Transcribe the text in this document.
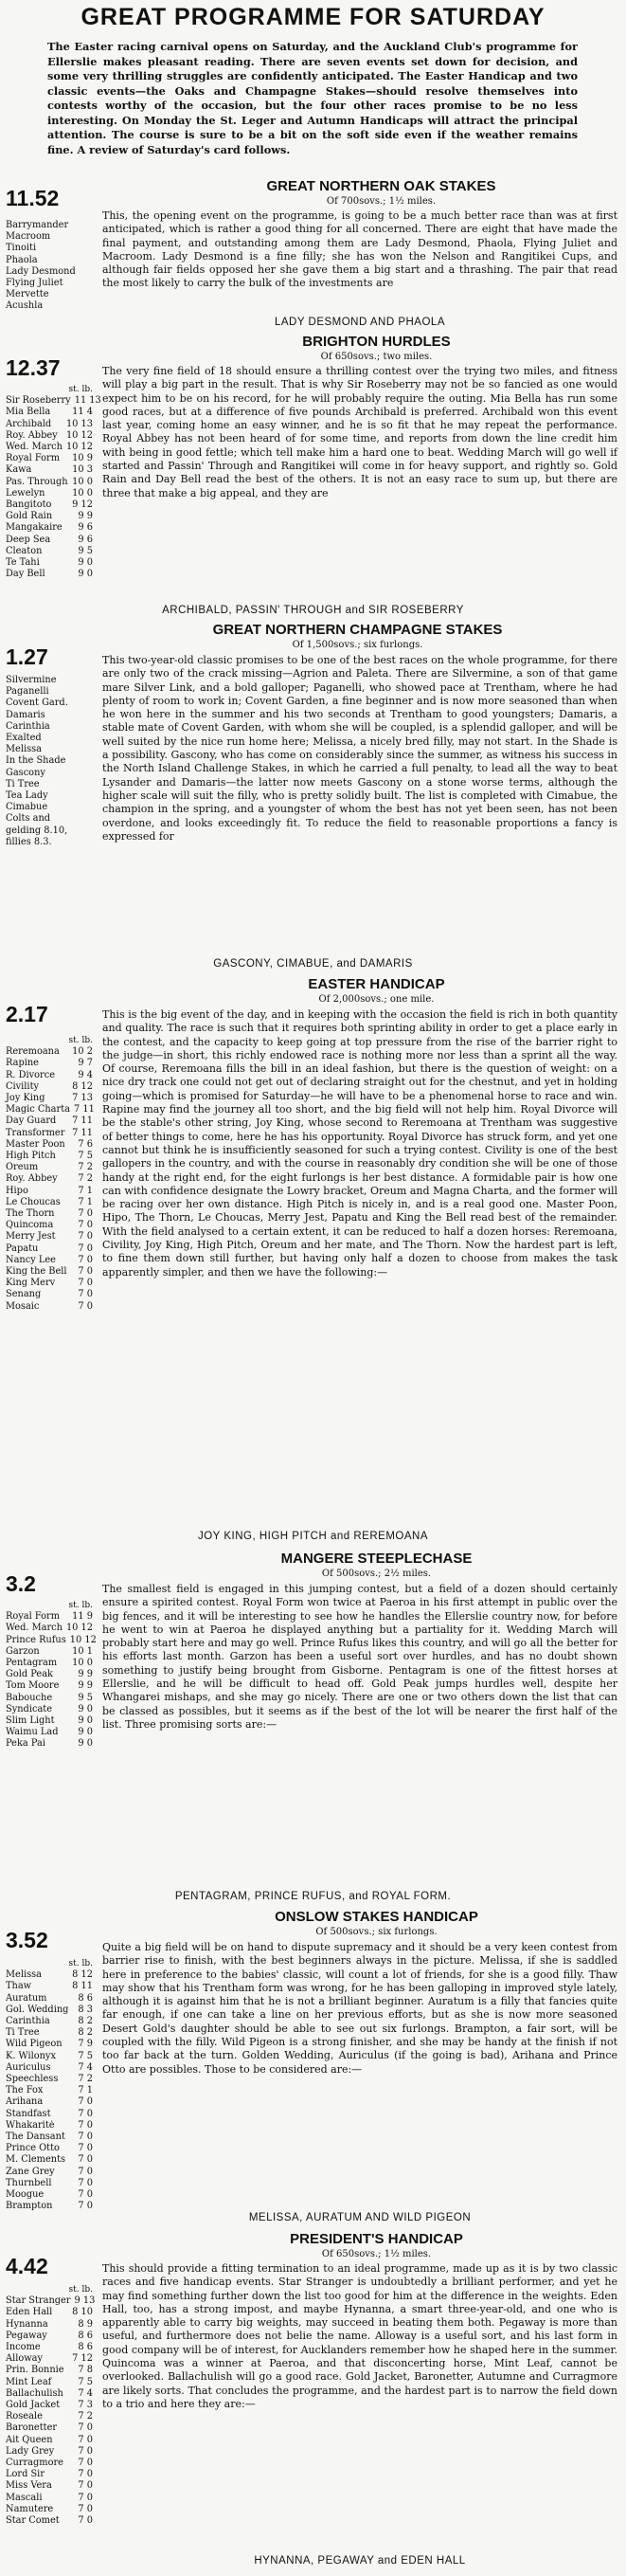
GREAT PROGRAMME FOR SATURDAY
The Easter racing carnival opens on Saturday, and the Auckland Club's programme for Ellerslie makes pleasant reading. There are seven events set down for decision, and some very thrilling struggles are confidently anticipated. The Easter Handicap and two classic events—the Oaks and Champagne Stakes—should resolve themselves into contests worthy of the occasion, but the four other races promise to be no less interesting. On Monday the St. Leger and Autumn Handicaps will attract the principal attention. The course is sure to be a bit on the soft side even if the weather remains fine. A review of Saturday's card follows.
11.52	GREAT NORTHERN OAK STAKES
Of 700sovs.; 1½ miles.
Barrymander
Macroom
Tinoiti
Phaola
Lady Desmond
Flying Juliet
Mervette
Acushla
This, the opening event on the programme, is going to be a much better race than was at first anticipated, which is rather a good thing for all concerned. There are eight that have made the final payment, and outstanding among them are Lady Desmond, Phaola, Flying Juliet and Macroom. Lady Desmond is a fine filly; she has won the Nelson and Rangitikei Cups, and although fair fields opposed her she gave them a big start and a thrashing. The pair that read the most likely to carry the bulk of the investments are
LADY DESMOND AND PHAOLA
12.37
BRIGHTON HURDLES
Of 650sovs.; two miles.
st. lb.
Sir Roseberry 11 13
Mia Bella 11 4
Archibald 10 13
Roy. Abbey 10 12
Wed. March 10 12
Royal Form 10 9
Kawa	10 3
Pas. Through 10 0
Lewelyn	10 0
Bangitoto 9 12
Gold Rain	9 9
Mangakaire 9 6
Deep Sea	9 6
Cleaton	9 5
Te Tahi	9 0
Day Bell	9 0
The very fine field of 18 should ensure a thrilling contest over the trying two miles, and fitness will play a big part in the result. That is why Sir Roseberry may not be so fancied as one would expect him to be on his record, for he will probably require the outing. Mia Bella has run some good races, but at a difference of five pounds Archibald is preferred. Archibald won this event last year, coming home an easy winner, and he is so fit that he may repeat the performance. Royal Abbey has not been heard of for some time, and reports from down the line credit him with being in good fettle; which tell make him a hard one to beat. Wedding March will go well if started and Passin' Through and Rangitikei will come in for heavy support, and rightly so. Gold Rain and Day Bell read the best of the others. It is not an easy race to sum up, but there are three that make a big appeal, and they are
ARCHIBALD, PASSIN' THROUGH and SIR ROSEBERRY
1.27
GREAT NORTHERN CHAMPAGNE STAKES
Of 1,500sovs.; six furlongs.
Silvermine
Paganelli
Covent Gard.
Damaris
Carinthia
Exalted
Melissa
In the Shade
Gascony
Ti Tree
Tea Lady
Cimabue
Colts and
gelding 8.10,
fillies 8.3.
This two-year-old classic promises to be one of the best races on the whole programme, for there are only two of the crack missing—Agrion and Paleta. There are Silvermine, a son of that game mare Silver Link, and a bold galloper; Paganelli, who showed pace at Trentham, where he had plenty of room to work in; Covent Garden, a fine beginner and is now more seasoned than when he won here in the summer and his two seconds at Trentham to good youngsters; Damaris, a stable mate of Covent Garden, with whom she will be coupled, is a splendid galloper, and will be well suited by the nice run home here; Melissa, a nicely bred filly, may not start. In the Shade is a possibility. Gascony, who has come on considerably since the summer, as witness his success in the North Island Challenge Stakes, in which he carried a full penalty, to lead all the way to beat Lysander and Damaris—the latter now meets Gascony on a stone worse terms, although the higher scale will suit the filly, who is pretty solidly built. The list is completed with Cimabue, the champion in the spring, and a youngster of whom the best has not yet been seen, has not been overdone, and looks exceedingly fit. To reduce the field to reasonable proportions a fancy is expressed for
GASCONY, CIMABUE, and DAMARIS
2.17
EASTER HANDICAP
Of 2,000sovs.; one mile.
st. lb.
Reremoana 10 2
Rapine	9 7
R. Divorce 9 4
Civility	8 12
Joy King	7 13
Magic Charta 7 11
Day Guard 7 11
Transformer 7 11
Master Poon 7 6
High Pitch 7 5
Oreum	7 2
Roy. Abbey 7 2
Hipo	7 1
Le Choucas 7 1
The Thorn	7 0
Quincoma	7 0
Merry Jest 7 0
Papatu	7 0
Nancy Lee 7 0
King the Bell 7 0
King Merv 7 0
Senang	7 0
Mosaic	7 0
This is the big event of the day, and in keeping with the occasion the field is rich in both quantity and quality. The race is such that it requires both sprinting ability in order to get a place early in the contest, and the capacity to keep going at top pressure from the rise of the barrier right to the judge—in short, this richly endowed race is nothing more nor less than a sprint all the way. Of course, Reremoana fills the bill in an ideal fashion, but there is the question of weight: on a nice dry track one could not get out of declaring straight out for the chestnut, and yet in holding going—which is promised for Saturday—he will have to be a phenomenal horse to race and win. Rapine may find the journey all too short, and the big field will not help him. Royal Divorce will be the stable's other string, Joy King, whose second to Reremoana at Trentham was suggestive of better things to come, here he has his opportunity. Royal Divorce has struck form, and yet one cannot but think he is insufficiently seasoned for such a trying contest. Civility is one of the best gallopers in the country, and with the course in reasonably dry condition she will be one of those handy at the right end, for the eight furlongs is her best distance. A formidable pair is how one can with confidence designate the Lowry bracket, Oreum and Magna Charta, and the former will be racing over her own distance. High Pitch is nicely in, and is a real good one. Master Poon, Hipo, The Thorn, Le Choucas, Merry Jest, Papatu and King the Bell read best of the remainder. With the field analysed to a certain extent, it can be reduced to half a dozen horses: Reremoana, Civility, Joy King, High Pitch, Oreum and her mate, and The Thorn. Now the hardest part is left, to fine them down still further, but having only half a dozen to choose from makes the task apparently simpler, and then we have the following:—
JOY KING, HIGH PITCH and REREMOANA
3.2
MANGERE STEEPLECHASE
Of 500sovs.; 2½ miles.
st. lb.
Royal Form 11 9
Wed. March 10 12
Prince Rufus 10 12
Garzon	10 1
Pentagram 10 0
Gold Peak	9 9
Tom Moore 9 9
Babouche	9 5
Syndicate	9 0
Slim Light	9 0
Waimu Lad 9 0
Peka Pai	9 0
The smallest field is engaged in this jumping contest, but a field of a dozen should certainly ensure a spirited contest. Royal Form won twice at Paeroa in his first attempt in public over the big fences, and it will be interesting to see how he handles the Ellerslie country now, for before he went to win at Paeroa he displayed anything but a partiality for it. Wedding March will probably start here and may go well. Prince Rufus likes this country, and will go all the better for his efforts last month. Garzon has been a useful sort over hurdles, and has no doubt shown something to justify being brought from Gisborne. Pentagram is one of the fittest horses at Ellerslie, and he will be difficult to head off. Gold Peak jumps hurdles well, despite her Whangarei mishaps, and she may go nicely. There are one or two others down the list that can be classed as possibles, but it seems as if the best of the lot will be nearer the first half of the list. Three promising sorts are:—
PENTAGRAM, PRINCE RUFUS, and ROYAL FORM.
3.52
ONSLOW STAKES HANDICAP
Of 500sovs.; six furlongs.
st. lb.
Melissa	8 12
Thaw	8 11
Auratum	8 6
Gol. Wedding 8 3
Carinthia	8 2
Ti Tree	8 2
Wild Pigeon 7 9
K. Wilonyx 7 5
Auriculus	7 4
Speechless 7 2
The Fox	7 1
Arihana	7 0
Standfast	7 0
Whakaritė	7 0
The Dansant 7 0
Prince Otto 7 0
M. Clements 7 0
Zane Grey	7 0
Thurnbell	7 0
Moogue	7 0
Brampton	7 0
Quite a big field will be on hand to dispute supremacy and it should be a very keen contest from barrier rise to finish, with the best beginners always in the picture. Melissa, if she is saddled here in preference to the babies' classic, will count a lot of friends, for she is a good filly. Thaw may show that his Trentham form was wrong, for he has been galloping in improved style lately, although it is against him that he is not a brilliant beginner. Auratum is a filly that fancies quite far enough, if one can take a line on her previous efforts, but as she is now more seasoned Desert Gold's daughter should be able to see out six furlongs. Brampton, a fair sort, will be coupled with the filly. Wild Pigeon is a strong finisher, and she may be handy at the finish if not too far back at the turn. Golden Wedding, Auriculus (if the going is bad), Arihana and Prince Otto are possibles. Those to be considered are:—
MELISSA, AURATUM AND WILD PIGEON
4.42
PRESIDENT'S HANDICAP
Of 650sovs.; 1½ miles.
st. lb.
Star Stranger 9 13
Eden Hall 8 10
Hynanna	8 9
Pegaway	8 6
Income	8 6
Alloway	7 12
Prin. Bonnie 7 8
Mint Leaf	7 5
Ballachulish 7 4
Gold Jacket 7 3
Roseale	7 2
Baronetter 7 0
Ait Queen	7 0
Lady Grey	7 0
Curragmore 7 0
Lord Sir	7 0
Miss Vera	7 0
Mascali	7 0
Namutere	7 0
Star Comet 7 0
This should provide a fitting termination to an ideal programme, made up as it is by two classic races and five handicap events. Star Stranger is undoubtedly a brilliant performer, and yet he may find something further down the list too good for him at the difference in the weights. Eden Hall, too, has a strong impost, and maybe Hynanna, a smart three-year-old, and one who is apparently able to carry big weights, may succeed in beating them both. Pegaway is more than useful, and furthermore does not belie the name. Alloway is a useful sort, and his last form in good company will be of interest, for Aucklanders remember how he shaped here in the summer. Quincoma was a winner at Paeroa, and that disconcerting horse, Mint Leaf, cannot be overlooked. Ballachulish will go a good race. Gold Jacket, Baronetter, Autumne and Curragmore are likely sorts. That concludes the programme, and the hardest part is to narrow the field down to a trio and here they are:—
HYNANNA, PEGAWAY and EDEN HALL
